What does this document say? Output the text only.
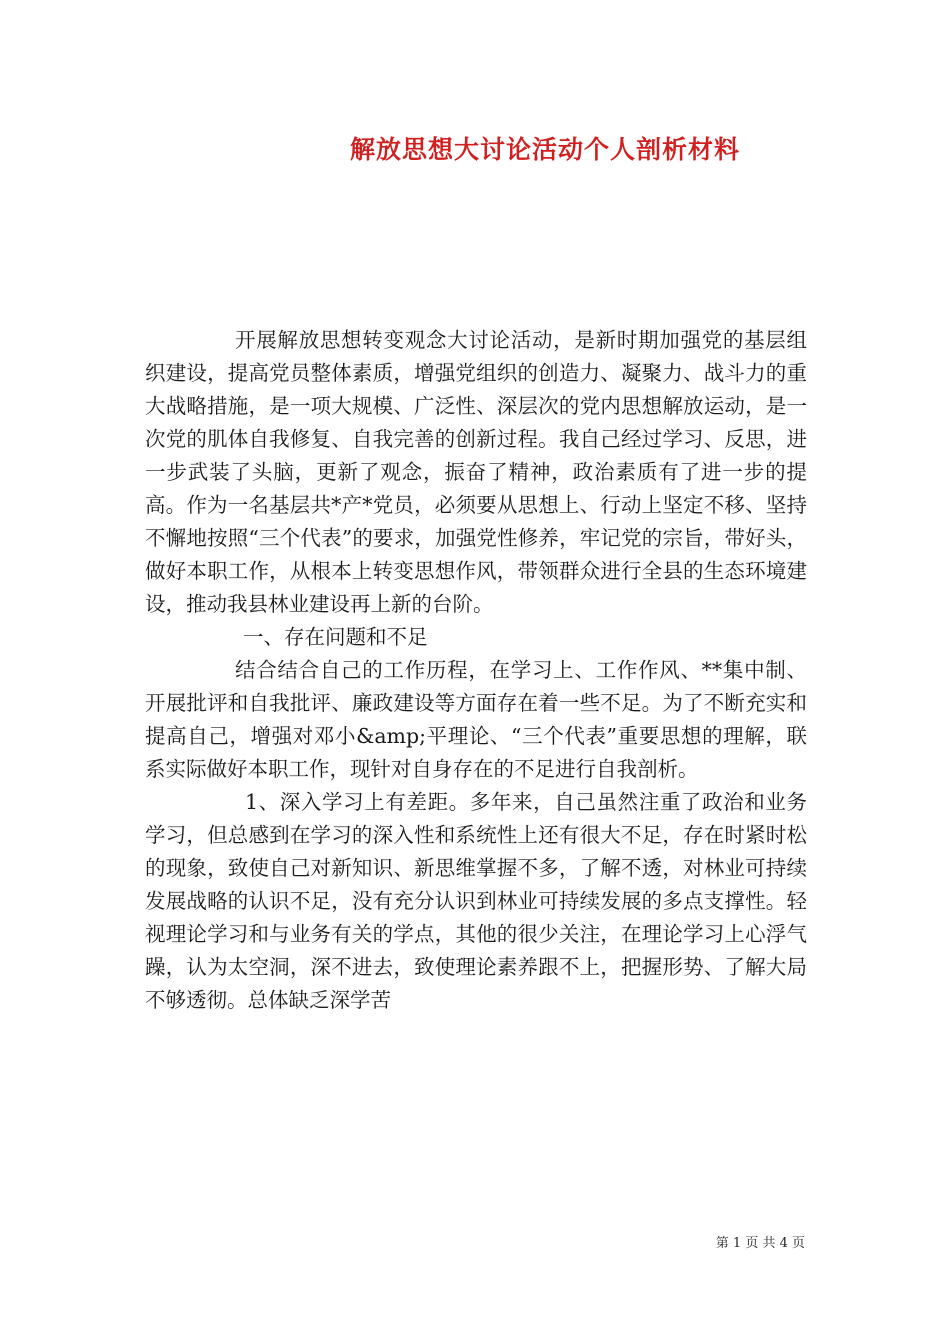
解放思想大讨论活动个人剖析材料

开展解放思想转变观念大讨论活动，是新时期加强党的基层组织建设，提高党员整体素质，增强党组织的创造力、凝聚力、战斗力的重大战略措施，是一项大规模、广泛性、深层次的党内思想解放运动，是一次党的肌体自我修复、自我完善的创新过程。我自己经过学习、反思，进一步武装了头脑，更新了观念，振奋了精神，政治素质有了进一步的提高。作为一名基层共*产*党员，必须要从思想上、行动上坚定不移、坚持不懈地按照“三个代表”的要求，加强党性修养，牢记党的宗旨，带好头，做好本职工作，从根本上转变思想作风，带领群众进行全县的生态环境建设，推动我县林业建设再上新的台阶。

一、存在问题和不足

结合结合自己的工作历程，在学习上、工作作风、**集中制、开展批评和自我批评、廉政建设等方面存在着一些不足。为了不断充实和提高自己，增强对邓小&amp;平理论、“三个代表”重要思想的理解，联系实际做好本职工作，现针对自身存在的不足进行自我剖析。

1、深入学习上有差距。多年来，自己虽然注重了政治和业务学习，但总感到在学习的深入性和系统性上还有很大不足，存在时紧时松的现象，致使自己对新知识、新思维掌握不多，了解不透，对林业可持续发展战略的认识不足，没有充分认识到林业可持续发展的多点支撑性。轻视理论学习和与业务有关的学点，其他的很少关注，在理论学习上心浮气躁，认为太空洞，深不进去，致使理论素养跟不上，把握形势、了解大局不够透彻。总体缺乏深学苦

第 1 页 共 4 页
